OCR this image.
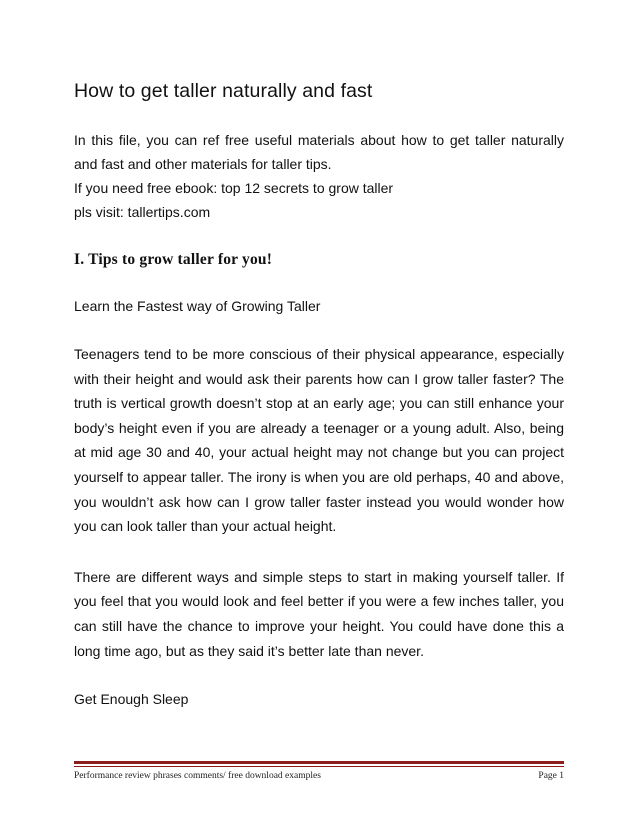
How to get taller naturally and fast

In this file, you can ref free useful materials about how to get taller naturally and fast and other materials for taller tips.

If you need free ebook: top 12 secrets to grow taller

pls visit: tallertips.com

I. Tips to grow taller for you!
Learn the Fastest way of Growing Taller

Teenagers tend to be more conscious of their physical appearance, especially with their height and would ask their parents how can I grow taller faster? The truth is vertical growth doesn’t stop at an early age; you can still enhance your body’s height even if you are already a teenager or a young adult. Also, being at mid age 30 and 40, your actual height may not change but you can project yourself to appear taller. The irony is when you are old perhaps, 40 and above, you wouldn’t ask how can I grow taller faster instead you would wonder how you can look taller than your actual height.

There are different ways and simple steps to start in making yourself taller. If you feel that you would look and feel better if you were a few inches taller, you can still have the chance to improve your height. You could have done this a long time ago, but as they said it’s better late than never.

Get Enough Sleep
Performance review phrases comments/ free download examples	Page 1
